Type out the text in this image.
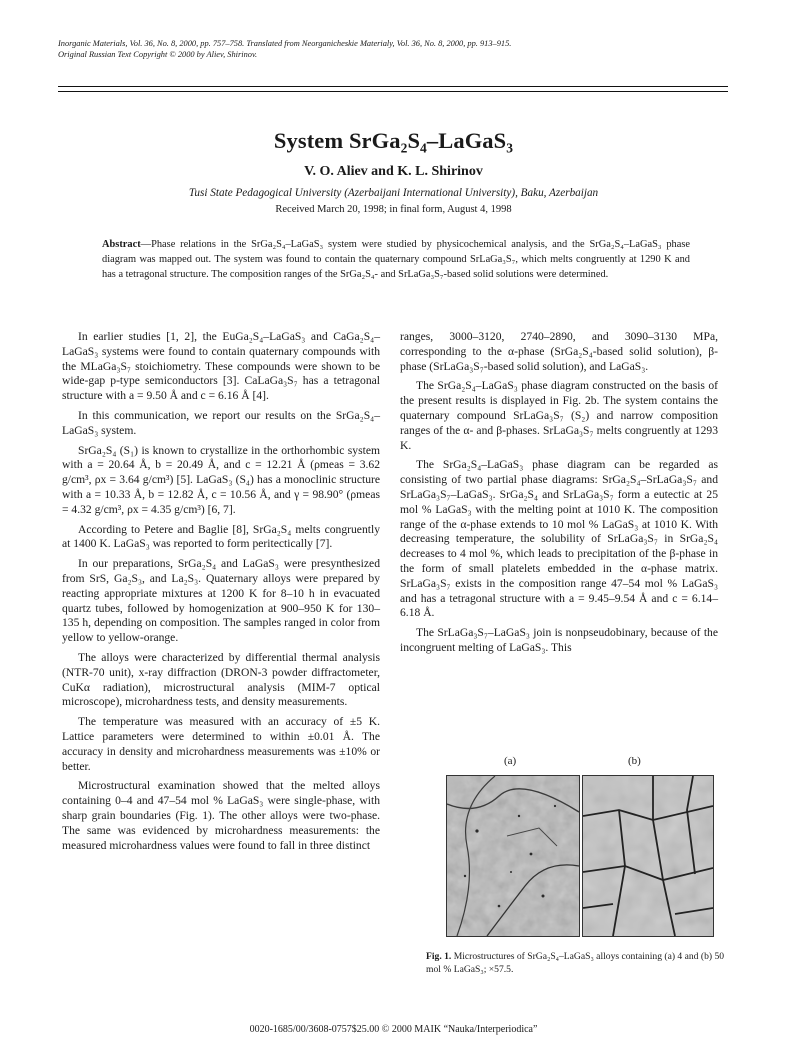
Inorganic Materials, Vol. 36, No. 8, 2000, pp. 757–758. Translated from Neorganicheskie Materialy, Vol. 36, No. 8, 2000, pp. 913–915.
Original Russian Text Copyright © 2000 by Aliev, Shirinov.
System SrGa₂S₄–LaGaS₃
V. O. Aliev and K. L. Shirinov
Tusi State Pedagogical University (Azerbaijani International University), Baku, Azerbaijan
Received March 20, 1998; in final form, August 4, 1998

Abstract—Phase relations in the SrGa₂S₄–LaGaS₃ system were studied by physicochemical analysis, and the SrGa₂S₄–LaGaS₃ phase diagram was mapped out. The system was found to contain the quaternary compound SrLaGa₃S₇, which melts congruently at 1290 K and has a tetragonal structure. The composition ranges of the SrGa₂S₄- and SrLaGa₃S₇-based solid solutions were determined.

In earlier studies [1, 2], the EuGa₂S₄–LaGaS₃ and CaGa₂S₄–LaGaS₃ systems were found to contain quaternary compounds with the MLaGa₃S₇ stoichiometry. These compounds were shown to be wide-gap p-type semiconductors [3]. CaLaGa₃S₇ has a tetragonal structure with a = 9.50 Å and c = 6.16 Å [4].

In this communication, we report our results on the SrGa₂S₄–LaGaS₃ system.

SrGa₂S₄ (S₁) is known to crystallize in the orthorhombic system with a = 20.64 Å, b = 20.49 Å, and c = 12.21 Å (ρmeas = 3.62 g/cm³, ρx = 3.64 g/cm³) [5]. LaGaS₃ (S₄) has a monoclinic structure with a = 10.33 Å, b = 12.82 Å, c = 10.56 Å, and γ = 98.90° (ρmeas = 4.32 g/cm³, ρx = 4.35 g/cm³) [6, 7].

According to Petere and Baglie [8], SrGa₂S₄ melts congruently at 1400 K. LaGaS₃ was reported to form peritectically [7].

In our preparations, SrGa₂S₄ and LaGaS₃ were presynthesized from SrS, Ga₂S₃, and La₂S₃. Quaternary alloys were prepared by reacting appropriate mixtures at 1200 K for 8–10 h in evacuated quartz tubes, followed by homogenization at 900–950 K for 130–135 h, depending on composition. The samples ranged in color from yellow to yellow-orange.

The alloys were characterized by differential thermal analysis (NTR-70 unit), x-ray diffraction (DRON-3 powder diffractometer, CuKα radiation), microstructural analysis (MIM-7 optical microscope), microhardness tests, and density measurements.

The temperature was measured with an accuracy of ±5 K. Lattice parameters were determined to within ±0.01 Å. The accuracy in density and microhardness measurements was ±10% or better.

Microstructural examination showed that the melted alloys containing 0–4 and 47–54 mol % LaGaS₃ were single-phase, with sharp grain boundaries (Fig. 1). The other alloys were two-phase. The same was evidenced by microhardness measurements: the measured microhardness values were found to fall in three distinct

ranges, 3000–3120, 2740–2890, and 3090–3130 MPa, corresponding to the α-phase (SrGa₂S₄-based solid solution), β-phase (SrLaGa₃S₇-based solid solution), and LaGaS₃.

The SrGa₂S₄–LaGaS₃ phase diagram constructed on the basis of the present results is displayed in Fig. 2b. The system contains the quaternary compound SrLaGa₃S₇ (S₂) and narrow composition ranges of the α- and β-phases. SrLaGa₃S₇ melts congruently at 1293 K.

The SrGa₂S₄–LaGaS₃ phase diagram can be regarded as consisting of two partial phase diagrams: SrGa₂S₄–SrLaGa₃S₇ and SrLaGa₃S₇–LaGaS₃. SrGa₂S₄ and SrLaGa₃S₇ form a eutectic at 25 mol % LaGaS₃ with the melting point at 1010 K. The composition range of the α-phase extends to 10 mol % LaGaS₃ at 1010 K. With decreasing temperature, the solubility of SrLaGa₃S₇ in SrGa₂S₄ decreases to 4 mol %, which leads to precipitation of the β-phase in the form of small platelets embedded in the α-phase matrix. SrLaGa₃S₇ exists in the composition range 47–54 mol % LaGaS₃ and has a tetragonal structure with a = 9.45–9.54 Å and c = 6.14–6.18 Å.

The SrLaGa₃S₇–LaGaS₃ join is nonpseudobinary, because of the incongruent melting of LaGaS₃. This

(a)	(b)
Fig. 1. Microstructures of SrGa₂S₄–LaGaS₃ alloys containing (a) 4 and (b) 50 mol % LaGaS₃; ×57.5.
0020-1685/00/3608-0757$25.00 © 2000 MAIK “Nauka/Interperiodica”
